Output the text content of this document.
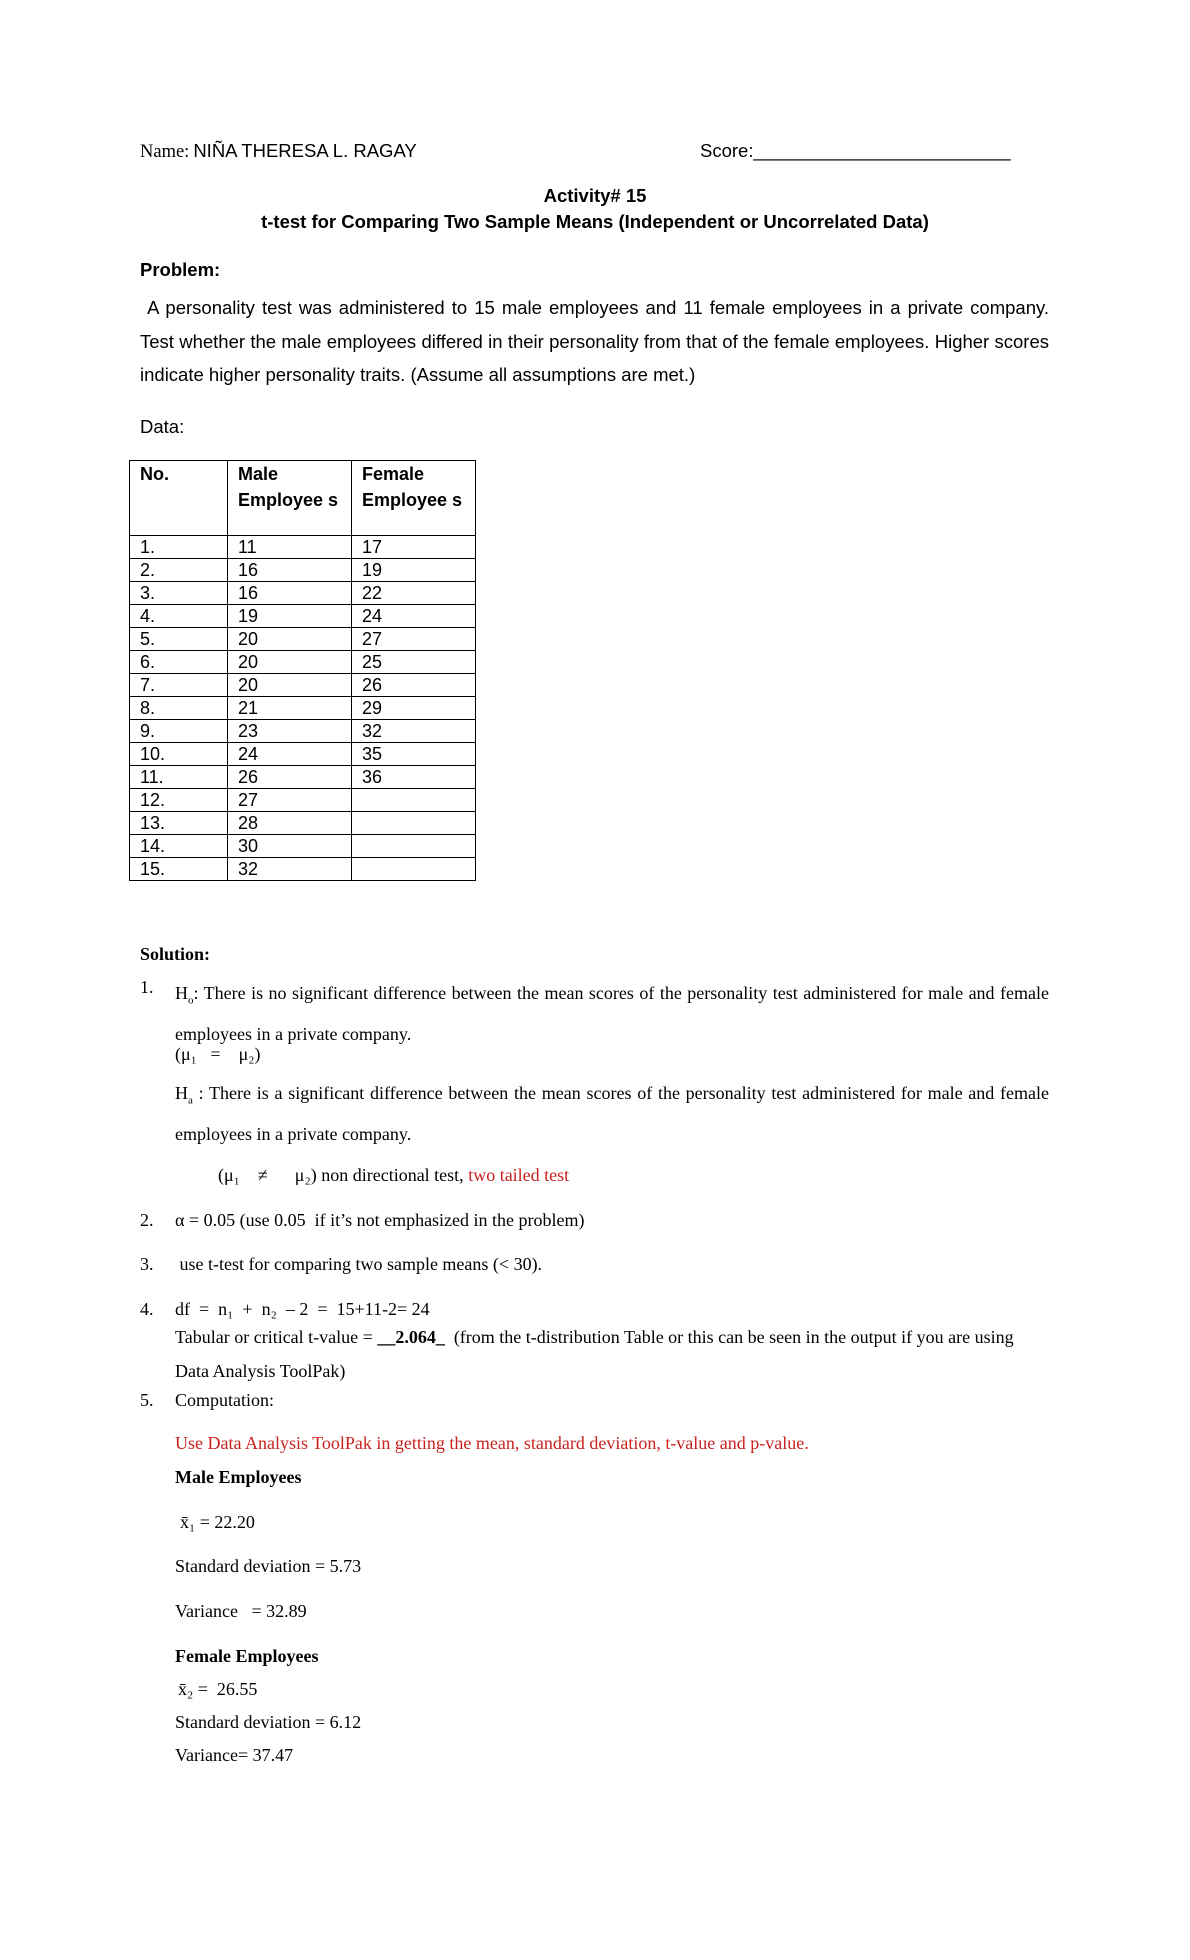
Name: NIÑA THERESA L. RAGAY	Score:_________________________
Activity# 15
t-test for Comparing Two Sample Means (Independent or Uncorrelated Data)
Problem:
A personality test was administered to 15 male employees and 11 female employees in a private company. Test whether the male employees differed in their personality from that of the female employees. Higher scores indicate higher personality traits. (Assume all assumptions are met.)
Data:
No.	Male Employee s	Female Employee s
1.	11	17
2.	16	19
3.	16	22
4.	19	24
5.	20	27
6.	20	25
7.	20	26
8.	21	29
9.	23	32
10.	24	35
11.	26	36
12.	27	
13.	28	
14.	30	
15.	32	
Solution:
1. $H_o$: There is no significant difference between the mean scores of the personality test administered for male and female employees in a private company.
(μ₁   =    μ₂)
$H_a$ : There is a significant difference between the mean scores of the personality test administered for male and female employees in a private company.

(μ₁    ≠      μ₂) non directional test, two tailed test

2. α = 0.05 (use 0.05  if it’s not emphasized in the problem)
3. use t-test for comparing two sample means (< 30).
4. df  =  n₁  +  n₂  – 2  =  15+11-2= 24
Tabular or critical t-value = __2.064_  (from the t-distribution Table or this can be seen in the output if you are using Data Analysis ToolPak)
5. Computation:
Use Data Analysis ToolPak in getting the mean, standard deviation, t-value and p-value.
Male Employees
x̄₁ = 22.20
Standard deviation = 5.73
Variance   = 32.89
Female Employees
x̄₂ =  26.55
Standard deviation = 6.12
Variance= 37.47
